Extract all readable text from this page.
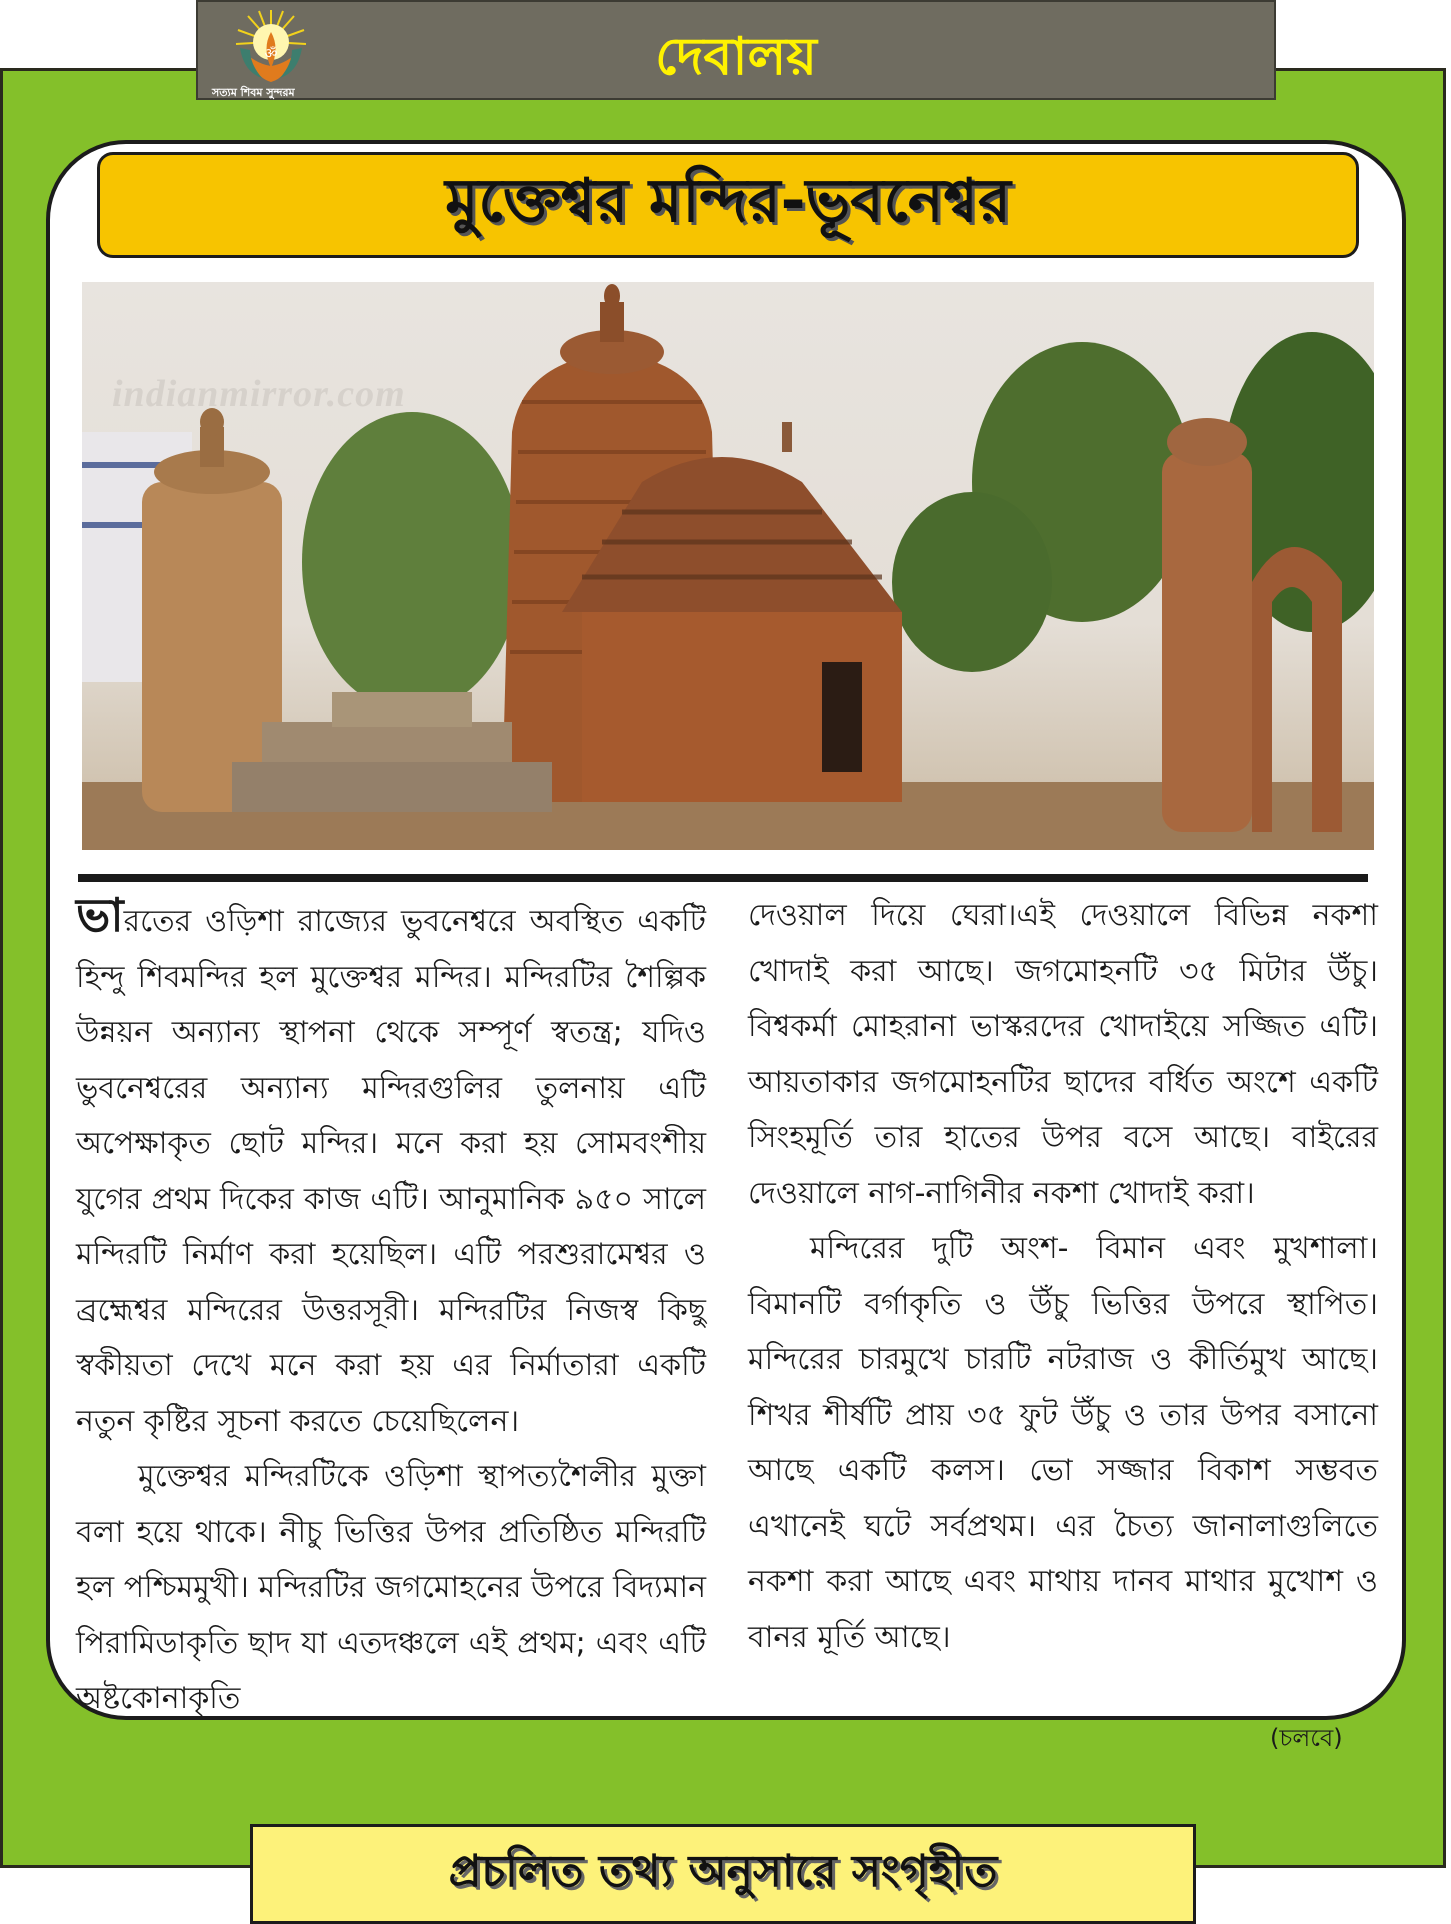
ॐ
সত্যম শিবম সুন্দরম
দেবালয়
মুক্তেশ্বর মন্দির-ভূবনেশ্বর
indianmirror.com

ভারতের ওড়িশা রাজ্যের ভুবনেশ্বরে অবস্থিত একটি হিন্দু শিবমন্দির হল মুক্তেশ্বর মন্দির। মন্দিরটির শৈল্পিক উন্নয়ন অন্যান্য স্থাপনা থেকে সম্পূর্ণ স্বতন্ত্র; যদিও ভুবনেশ্বরের অন্যান্য মন্দিরগুলির তুলনায় এটি অপেক্ষাকৃত ছোট মন্দির। মনে করা হয় সোমবংশীয় যুগের প্রথম দিকের কাজ এটি। আনুমানিক ৯৫০ সালে মন্দিরটি নির্মাণ করা হয়েছিল। এটি পরশুরামেশ্বর ও ব্রহ্মেশ্বর মন্দিরের উত্তরসূরী। মন্দিরটির নিজস্ব কিছু স্বকীয়তা দেখে মনে করা হয় এর নির্মাতারা একটি নতুন কৃষ্টির সূচনা করতে চেয়েছিলেন।

মুক্তেশ্বর মন্দিরটিকে ওড়িশা স্থাপত্যশৈলীর মুক্তা বলা হয়ে থাকে। নীচু ভিত্তির উপর প্রতিষ্ঠিত মন্দিরটি হল পশ্চিমমুখী। মন্দিরটির জগমোহনের উপরে বিদ্যমান পিরামিডাকৃতি ছাদ যা এতদঞ্চলে এই প্রথম; এবং এটি অষ্টকোনাকৃতি

দেওয়াল দিয়ে ঘেরা।এই দেওয়ালে বিভিন্ন নকশা খোদাই করা আছে। জগমোহনটি ৩৫ মিটার উঁচু। বিশ্বকর্মা মোহরানা ভাস্করদের খোদাইয়ে সজ্জিত এটি। আয়তাকার জগমোহনটির ছাদের বর্ধিত অংশে একটি সিংহমূর্তি তার হাতের উপর বসে আছে। বাইরের দেওয়ালে নাগ-নাগিনীর নকশা খোদাই করা।

মন্দিরের দুটি অংশ- বিমান এবং মুখশালা। বিমানটি বর্গাকৃতি ও উঁচু ভিত্তির উপরে স্থাপিত। মন্দিরের চারমুখে চারটি নটরাজ ও কীর্তিমুখ আছে। শিখর শীর্ষটি প্রায় ৩৫ ফুট উঁচু ও তার উপর বসানো আছে একটি কলস। ভো সজ্জার বিকাশ সম্ভবত এখানেই ঘটে সর্বপ্রথম। এর চৈত্য জানালাগুলিতে নকশা করা আছে এবং মাথায় দানব মাথার মুখোশ ও বানর মূর্তি আছে।

(চলবে)
প্রচলিত তথ্য অনুসারে সংগৃহীত
